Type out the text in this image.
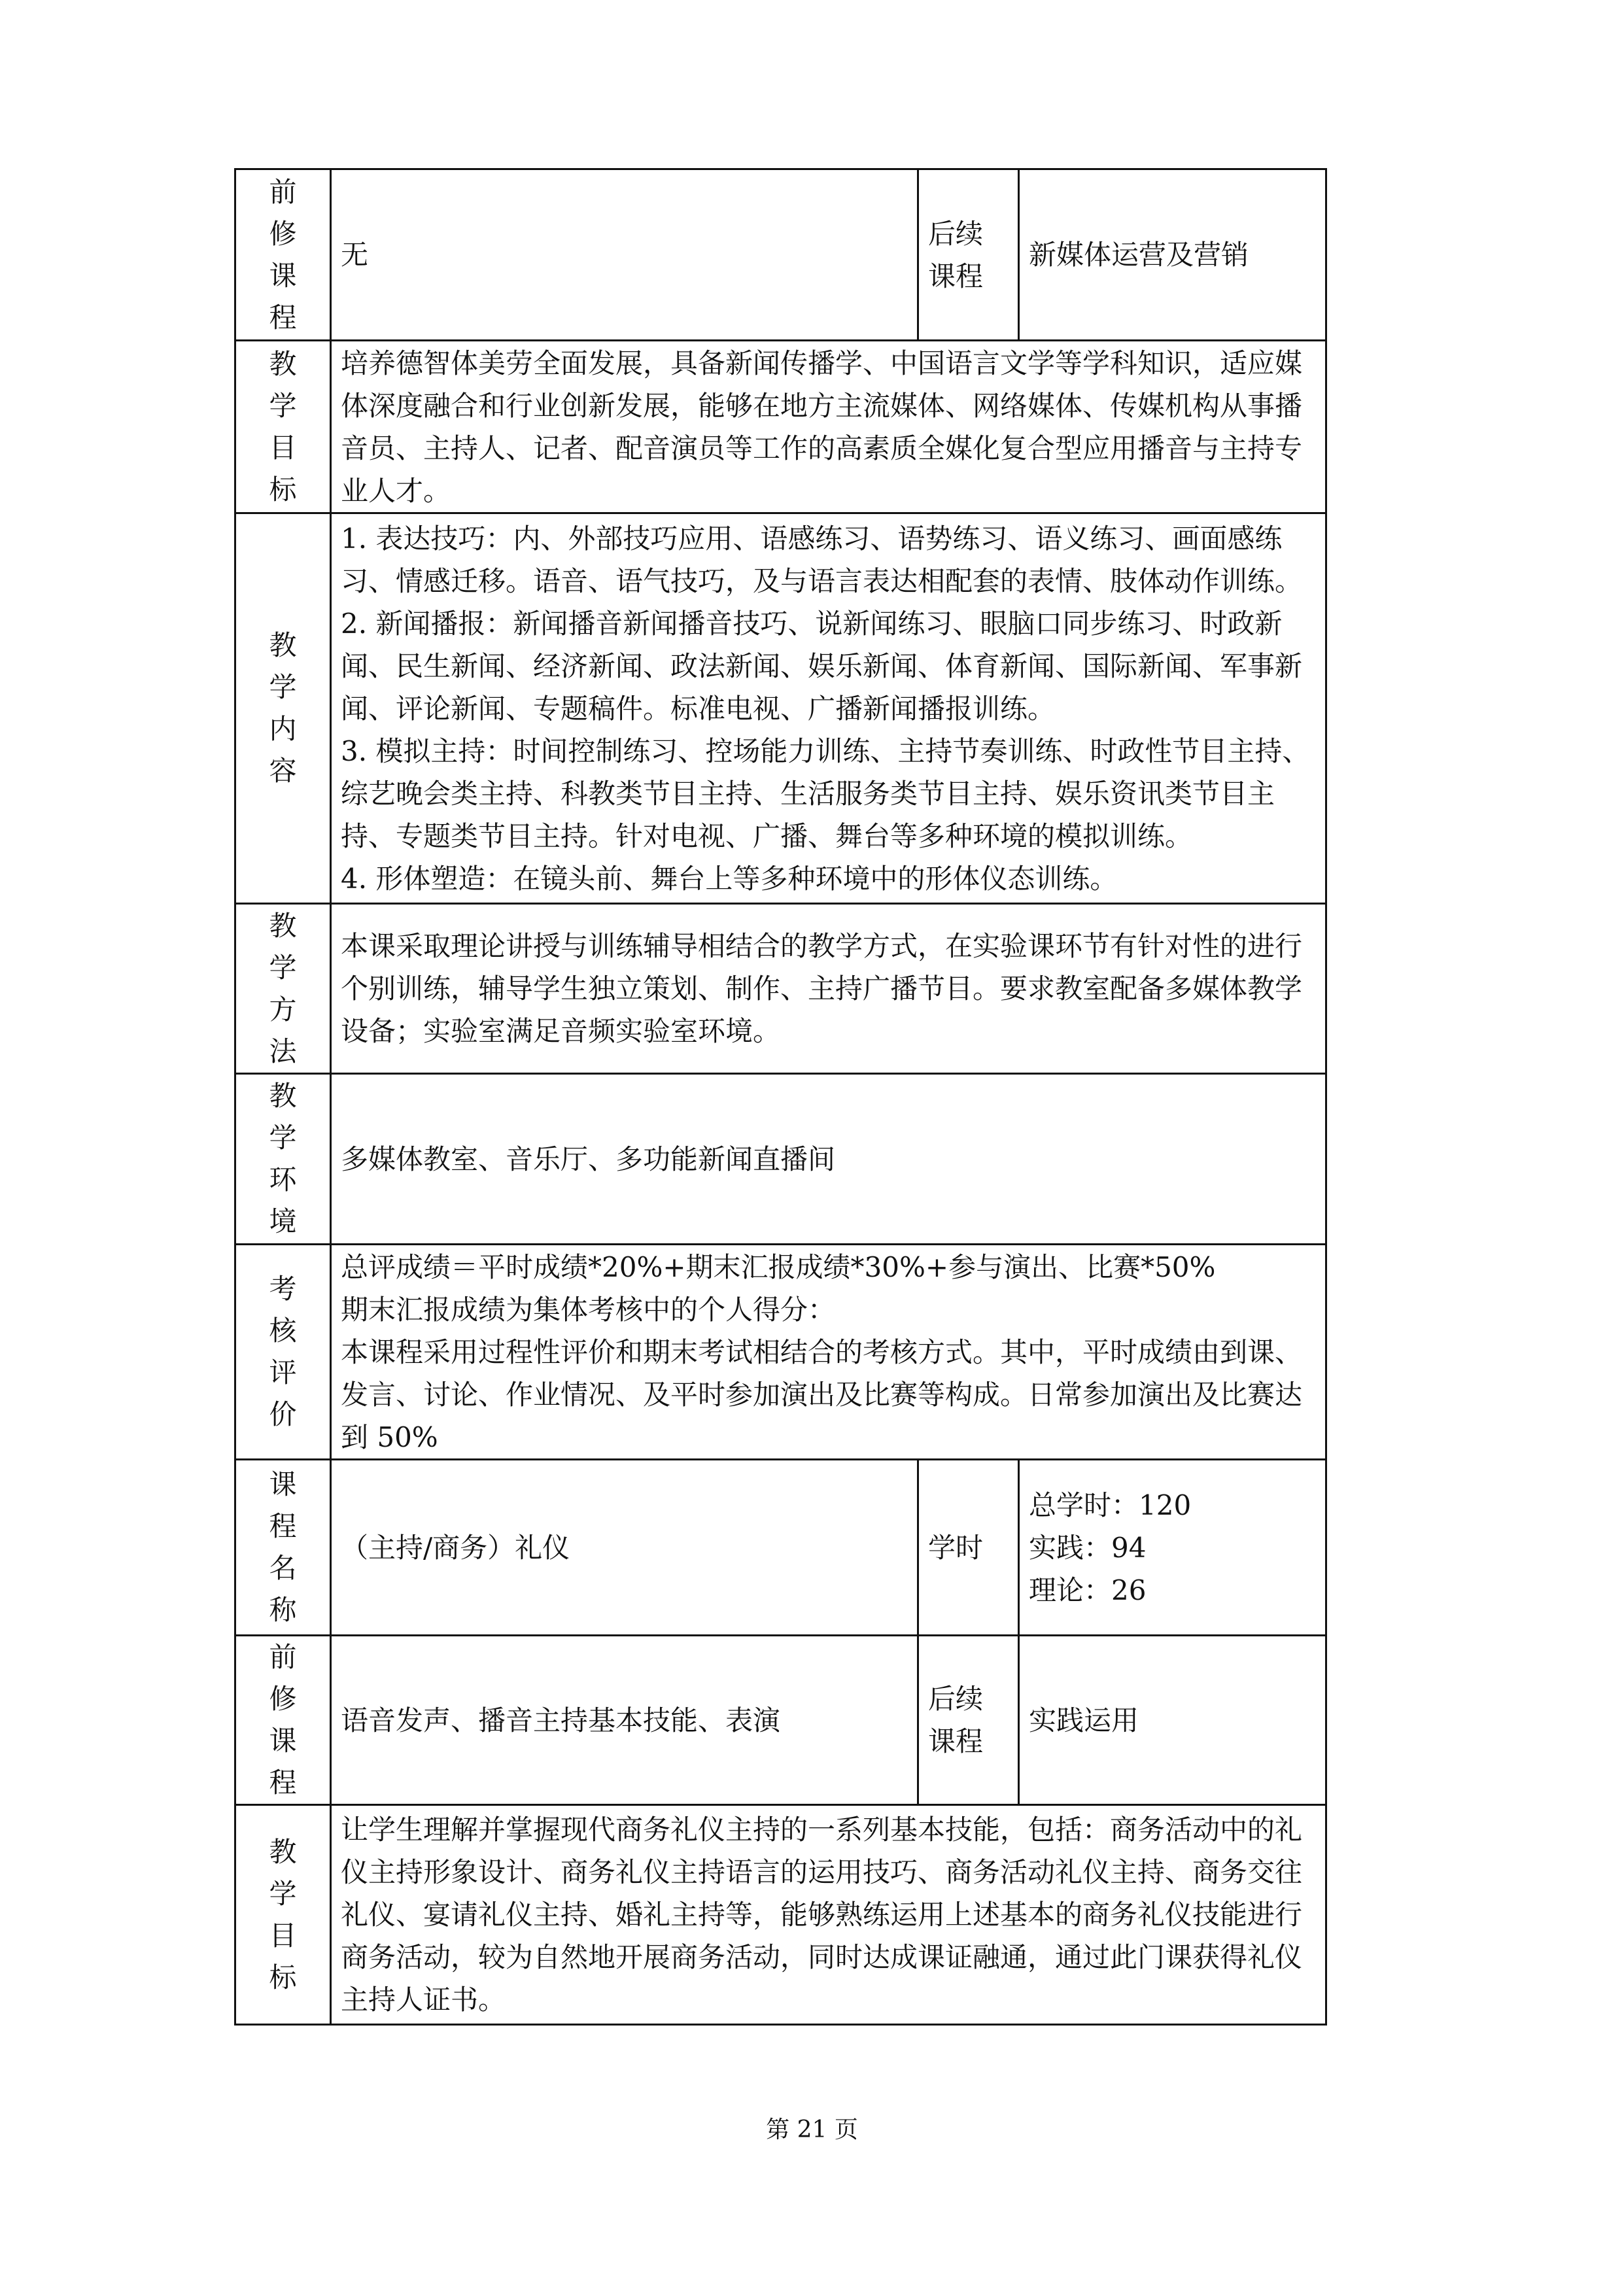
前修课程	无	后续课程	新媒体运营及营销

教学目标	培养德智体美劳全面发展，具备新闻传播学、中国语言文学等学科知识，适应媒体深度融合和行业创新发展，能够在地方主流媒体、网络媒体、传媒机构从事播音员、主持人、记者、配音演员等工作的高素质全媒化复合型应用播音与主持专业人才。		

教学内容	1. 表达技巧：内、外部技巧应用、语感练习、语势练习、语义练习、画面感练习、情感迁移。语音、语气技巧，及与语言表达相配套的表情、肢体动作训练。
2. 新闻播报：新闻播音新闻播音技巧、说新闻练习、眼脑口同步练习、时政新闻、民生新闻、经济新闻、政法新闻、娱乐新闻、体育新闻、国际新闻、军事新闻、评论新闻、专题稿件。标准电视、广播新闻播报训练。
3. 模拟主持：时间控制练习、控场能力训练、主持节奏训练、时政性节目主持、综艺晚会类主持、科教类节目主持、生活服务类节目主持、娱乐资讯类节目主持、专题类节目主持。针对电视、广播、舞台等多种环境的模拟训练。
4. 形体塑造：在镜头前、舞台上等多种环境中的形体仪态训练。		

教学方法	本课采取理论讲授与训练辅导相结合的教学方式，在实验课环节有针对性的进行个别训练，辅导学生独立策划、制作、主持广播节目。要求教室配备多媒体教学设备；实验室满足音频实验室环境。		

教学环境	多媒体教室、音乐厅、多功能新闻直播间		

考核评价	总评成绩＝平时成绩*20%+期末汇报成绩*30%+参与演出、比赛*50%
期末汇报成绩为集体考核中的个人得分：
本课程采用过程性评价和期末考试相结合的考核方式。其中，平时成绩由到课、发言、讨论、作业情况、及平时参加演出及比赛等构成。日常参加演出及比赛达到 50%		

课程名称	（主持/商务）礼仪	学时	总学时：120
实践：94
理论：26

前修课程	语音发声、播音主持基本技能、表演	后续课程	实践运用

教学目标	让学生理解并掌握现代商务礼仪主持的一系列基本技能，包括：商务活动中的礼仪主持形象设计、商务礼仪主持语言的运用技巧、商务活动礼仪主持、商务交往礼仪、宴请礼仪主持、婚礼主持等，能够熟练运用上述基本的商务礼仪技能进行商务活动，较为自然地开展商务活动，同时达成课证融通，通过此门课获得礼仪主持人证书。		
第 21 页
